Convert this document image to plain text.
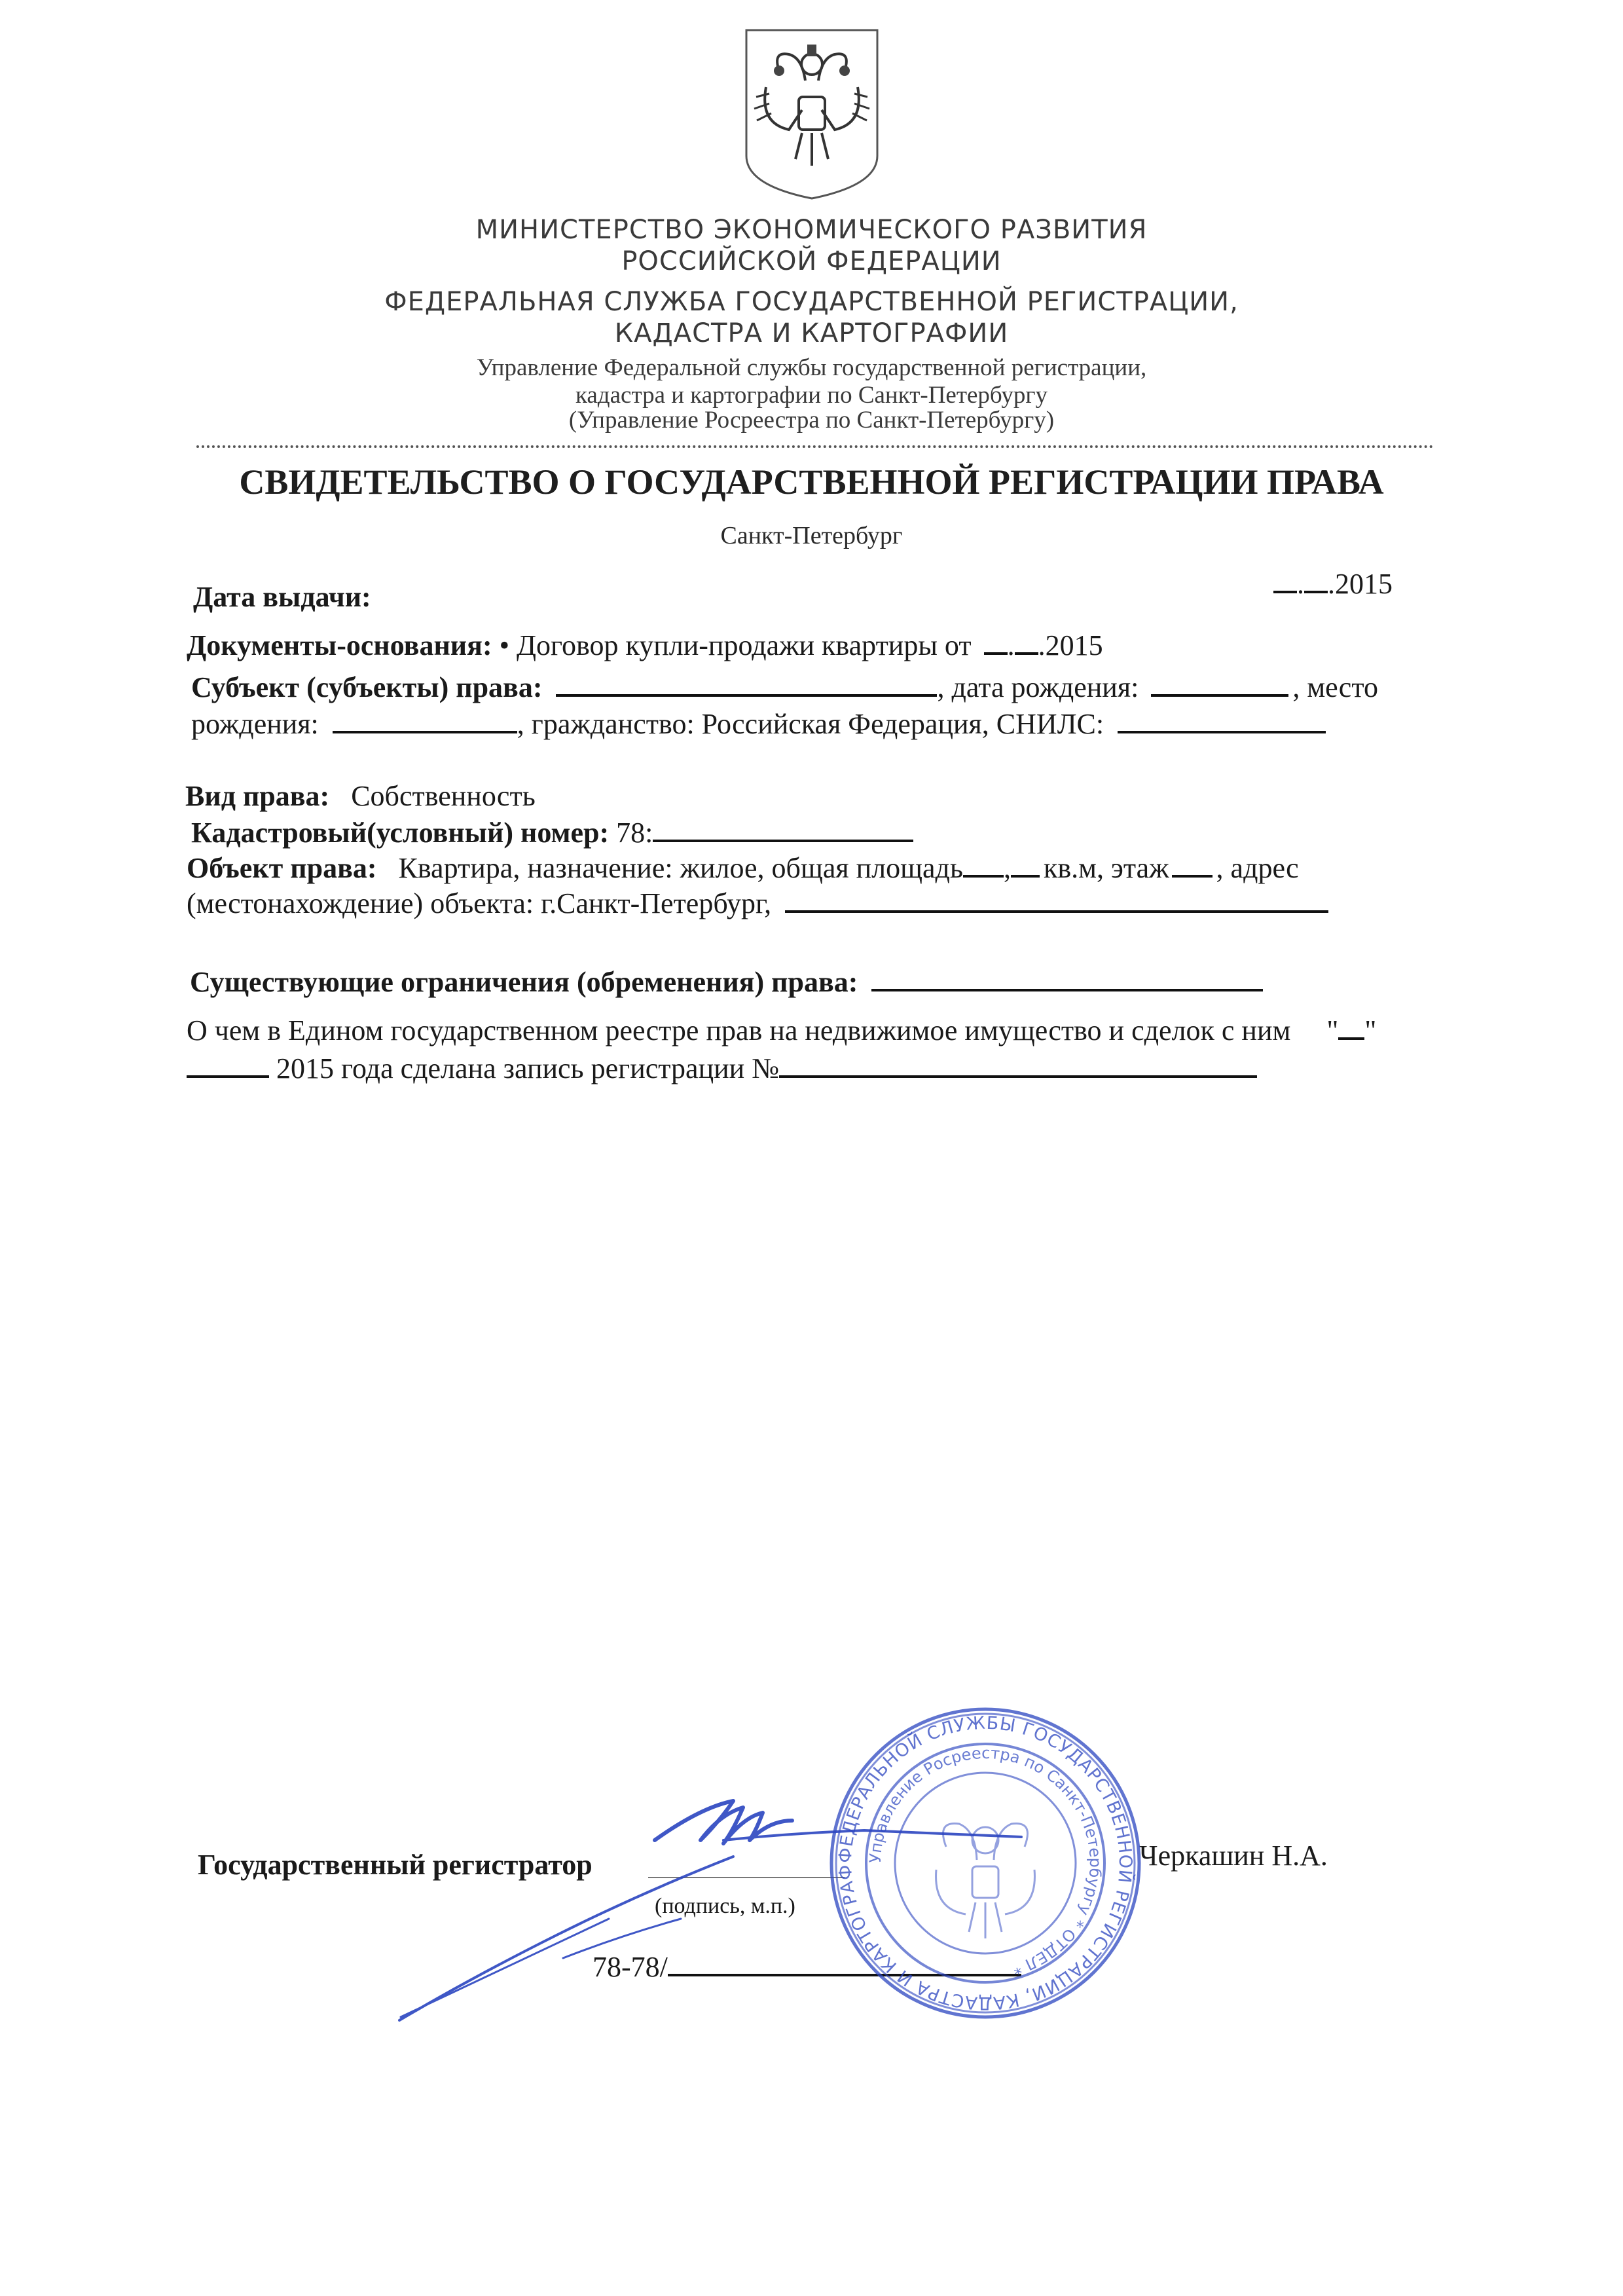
МИНИСТЕРСТВО ЭКОНОМИЧЕСКОГО РАЗВИТИЯ
РОССИЙСКОЙ ФЕДЕРАЦИИ
ФЕДЕРАЛЬНАЯ СЛУЖБА ГОСУДАРСТВЕННОЙ РЕГИСТРАЦИИ,
КАДАСТРА И КАРТОГРАФИИ
Управление Федеральной службы государственной регистрации,
кадастра и картографии по Санкт-Петербургу
(Управление Росреестра по Санкт-Петербургу)
СВИДЕТЕЛЬСТВО О ГОСУДАРСТВЕННОЙ РЕГИСТРАЦИИ ПРАВА
Санкт-Петербург
Дата выдачи:	. .2015
Документы-основания: • Договор купли-продажи квартиры от . .2015
Субъект (субъекты) права:	, дата рождения:	, место
рождения:	, гражданство: Российская Федерация, СНИЛС:
Вид права: Собственность
Кадастровый(условный) номер: 78:
Объект права: Квартира, назначение: жилое, общая площадь , кв.м, этаж , адрес
(местонахождение) объекта: г.Санкт-Петербург,
Существующие ограничения (обременения) права:
О чем в Едином государственном реестре прав на недвижимое имущество и сделок с ним " "
2015 года сделана запись регистрации №
Государственный регистратор
(подпись, м.п.)
Черкашин Н.А.
78-78/
ФЕДЕРАЛЬНОЙ СЛУЖБЫ ГОСУДАРСТВЕННОЙ РЕГИСТРАЦИИ, КАДАСТРА И КАРТОГРАФ
Управление Росреестра по Санкт-Петербургу * ОТДЕЛ *
